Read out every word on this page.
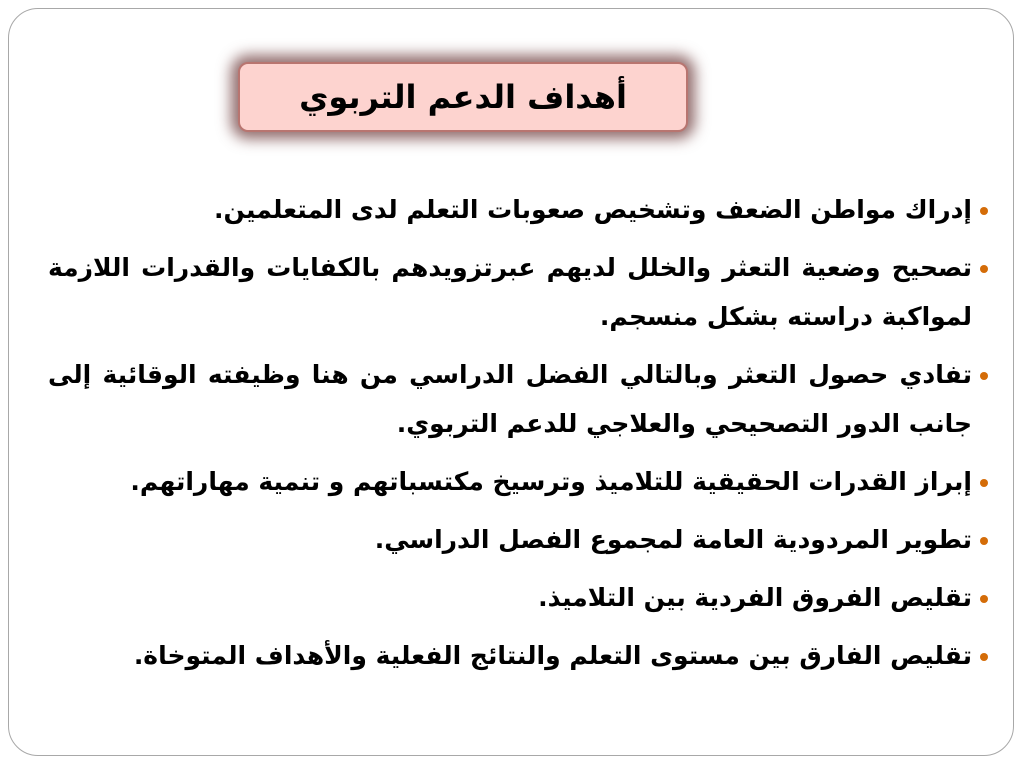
أهداف الدعم التربوي
إدراك مواطن الضعف وتشخيص صعوبات التعلم لدى المتعلمين.
تصحيح وضعية التعثر والخلل لديهم عبرتزويدهم بالكفايات والقدرات اللازمة لمواكبة دراسته بشكل منسجم.
تفادي حصول التعثر وبالتالي الفضل الدراسي من هنا وظيفته الوقائية إلى جانب الدور التصحيحي والعلاجي للدعم التربوي.
إبراز القدرات الحقيقية للتلاميذ وترسيخ مكتسباتهم و تنمية مهاراتهم.
تطوير المردودية العامة لمجموع الفصل الدراسي.
تقليص الفروق الفردية بين التلاميذ.
تقليص الفارق بين مستوى التعلم والنتائج الفعلية والأهداف المتوخاة.
